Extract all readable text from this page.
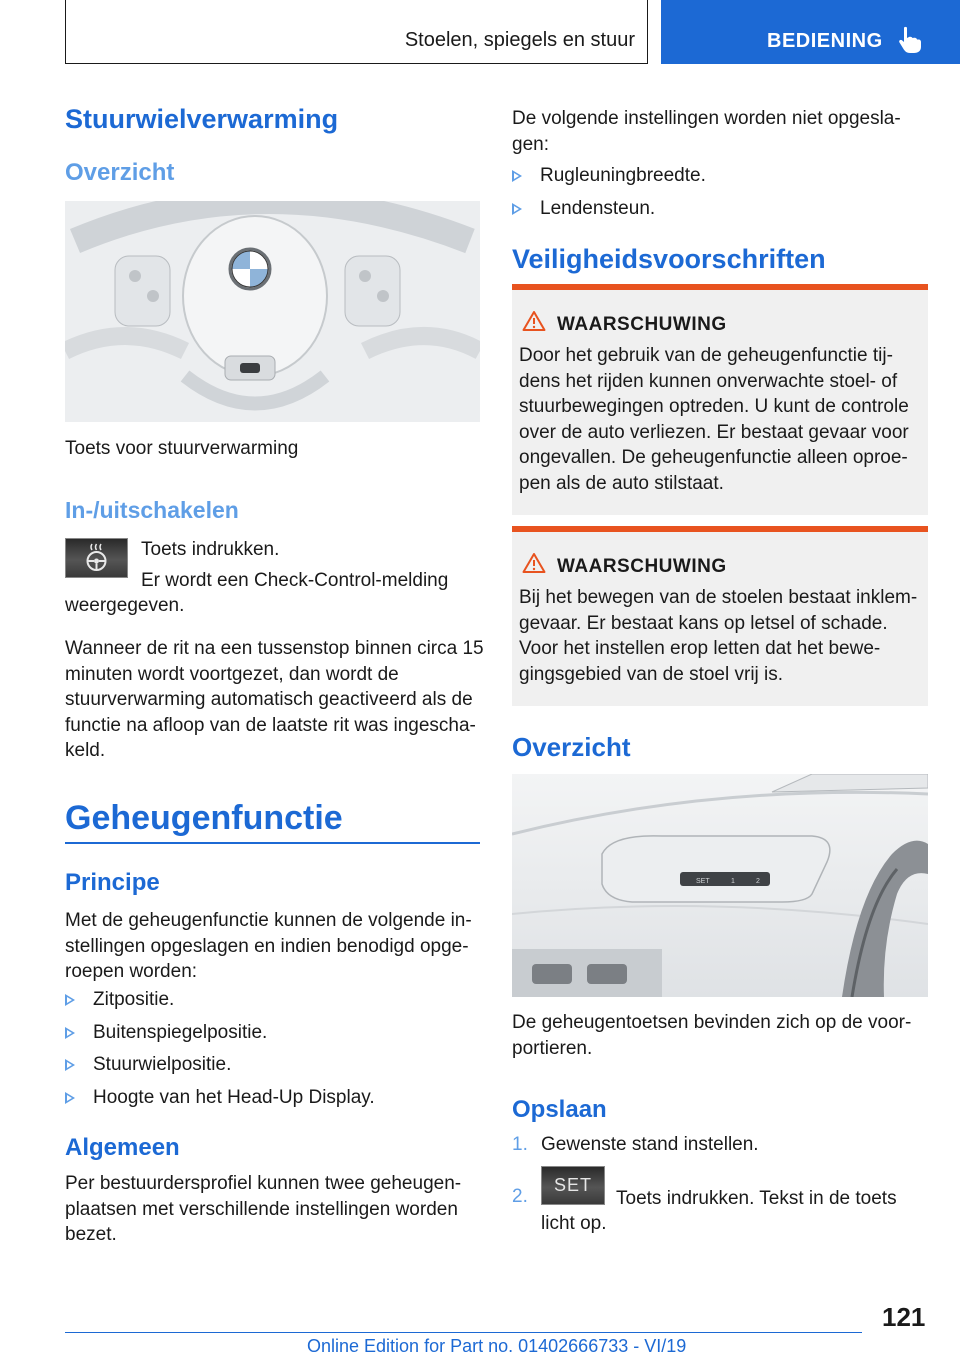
Stoelen, spiegels en stuur	BEDIENING
Stuurwielverwarming
Overzicht

Toets voor stuurverwarming

In-/uitschakelen

Toets indrukken.

Er wordt een Check-Control-melding

weergegeven.

Wanneer de rit na een tussenstop binnen circa 15 minuten wordt voortgezet, dan wordt de stuurverwarming automatisch geactiveerd als de functie na afloop van de laatste rit was ingeschakeld.

Geheugenfunctie
Principe

Met de geheugenfunctie kunnen de volgende instellingen opgeslagen en indien benodigd opgeroepen worden:

Zitpositie.
Buitenspiegelpositie.
Stuurwielpositie.
Hoogte van het Head-Up Display.
Algemeen

Per bestuurdersprofiel kunnen twee geheugenplaatsen met verschillende instellingen worden bezet.

De volgende instellingen worden niet opgeslagen:

Rugleuningbreedte.
Lendensteun.
Veiligheidsvoorschriften
WAARSCHUWING

Door het gebruik van de geheugenfunctie tijdens het rijden kunnen onverwachte stoel- of stuurbewegingen optreden. U kunt de controle over de auto verliezen. Er bestaat gevaar voor ongevallen. De geheugenfunctie alleen oproepen als de auto stilstaat.

WAARSCHUWING

Bij het bewegen van de stoelen bestaat inklemgevaar. Er bestaat kans op letsel of schade. Voor het instellen erop letten dat het bewegingsgebied van de stoel vrij is.

Overzicht
SET	1	2

De geheugentoetsen bevinden zich op de voorportieren.

Opslaan
1. Gewenste stand instellen.

2.
SET

Toets indrukken. Tekst in de toets

licht op.

121
Online Edition for Part no. 01402666733 - VI/19
